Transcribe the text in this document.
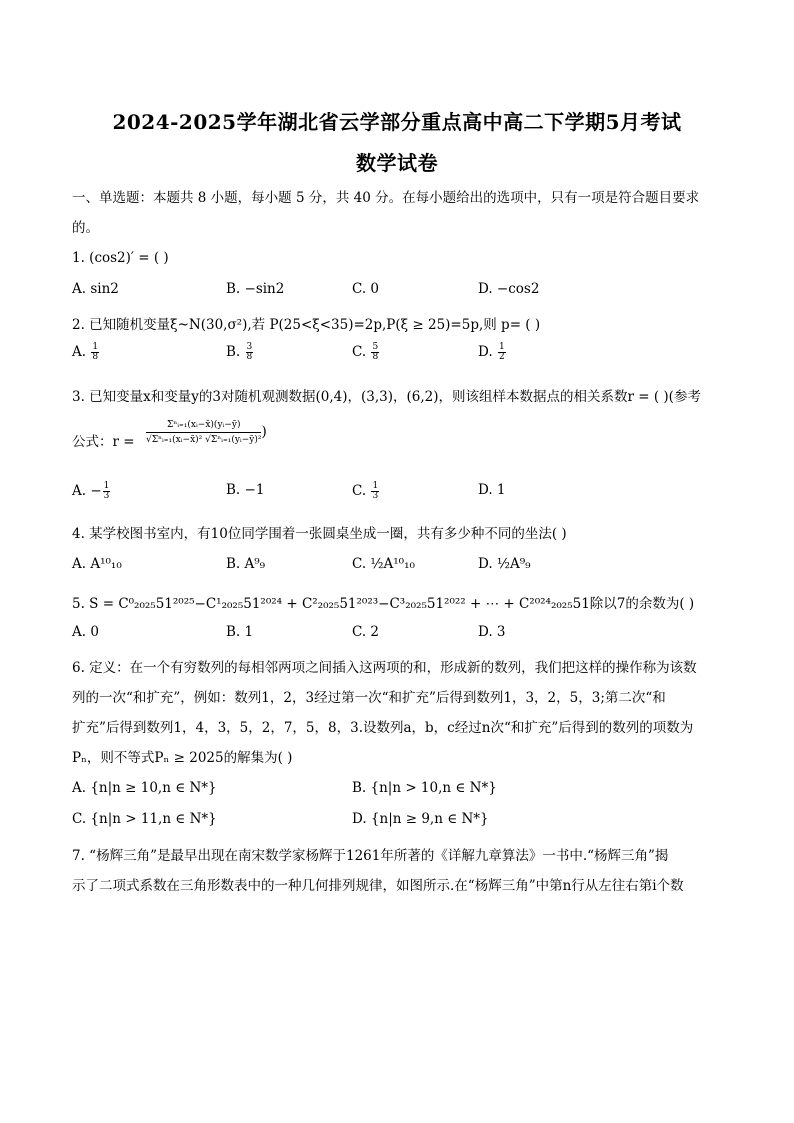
2024-2025学年湖北省云学部分重点高中高二下学期5月考试
数学试卷
一、单选题：本题共 8 小题，每小题 5 分，共 40 分。在每小题给出的选项中，只有一项是符合题目要求
的。
1. (cos2)′ = ( )
A. sin2	B. −sin2	C. 0	D. −cos2
2. 已知随机变量ξ~N(30,σ²),若 P(25<ξ<35)=2p,P(ξ ≥ 25)=5p,则 p= ( )
A. $\frac{1}{8}$	B. $\frac{3}{8}$	C. $\frac{5}{8}$	D. $\frac{1}{2}$
3. 已知变量x和变量y的3对随机观测数据(0,4)，(3,3)，(6,2)，则该组样本数据点的相关系数r = ( )(参考
公式：$r = \frac{\text{Σⁿᵢ₌₁(xᵢ−x̄)(yᵢ−ȳ)}}{\text{√Σⁿᵢ₌₁(xᵢ−x̄)² √Σⁿᵢ₌₁(yᵢ−ȳ)²}}$ )
A. − $\frac{1}{3}$	B. −1	C. $\frac{1}{3}$	D. 1
4. 某学校图书室内，有10位同学围着一张圆桌坐成一圈，共有多少种不同的坐法( )
A. A¹⁰₁₀	B. A⁹₉	C. ½A¹⁰₁₀	D. ½A⁹₉
5. S = C⁰₂₀₂₅51²⁰²⁵−C¹₂₀₂₅51²⁰²⁴ + C²₂₀₂₅51²⁰²³−C³₂₀₂₅51²⁰²² + ⋯ + C²⁰²⁴₂₀₂₅51除以7的余数为( )
A. 0	B. 1	C. 2	D. 3
6. 定义：在一个有穷数列的每相邻两项之间插入这两项的和，形成新的数列，我们把这样的操作称为该数
列的一次“和扩充”，例如：数列1，2，3经过第一次“和扩充”后得到数列1，3，2，5，3;第二次“和
扩充”后得到数列1，4，3，5，2，7，5，8，3.设数列a，b，c经过n次“和扩充”后得到的数列的项数为
Pₙ，则不等式Pₙ ≥ 2025的解集为( )
A. {n|n ≥ 10,n ∈ N*}	B. {n|n > 10,n ∈ N*}
C. {n|n > 11,n ∈ N*}	D. {n|n ≥ 9,n ∈ N*}
7. “杨辉三角”是最早出现在南宋数学家杨辉于1261年所著的《详解九章算法》一书中.“杨辉三角”揭
示了二项式系数在三角形数表中的一种几何排列规律，如图所示.在“杨辉三角”中第n行从左往右第i个数
